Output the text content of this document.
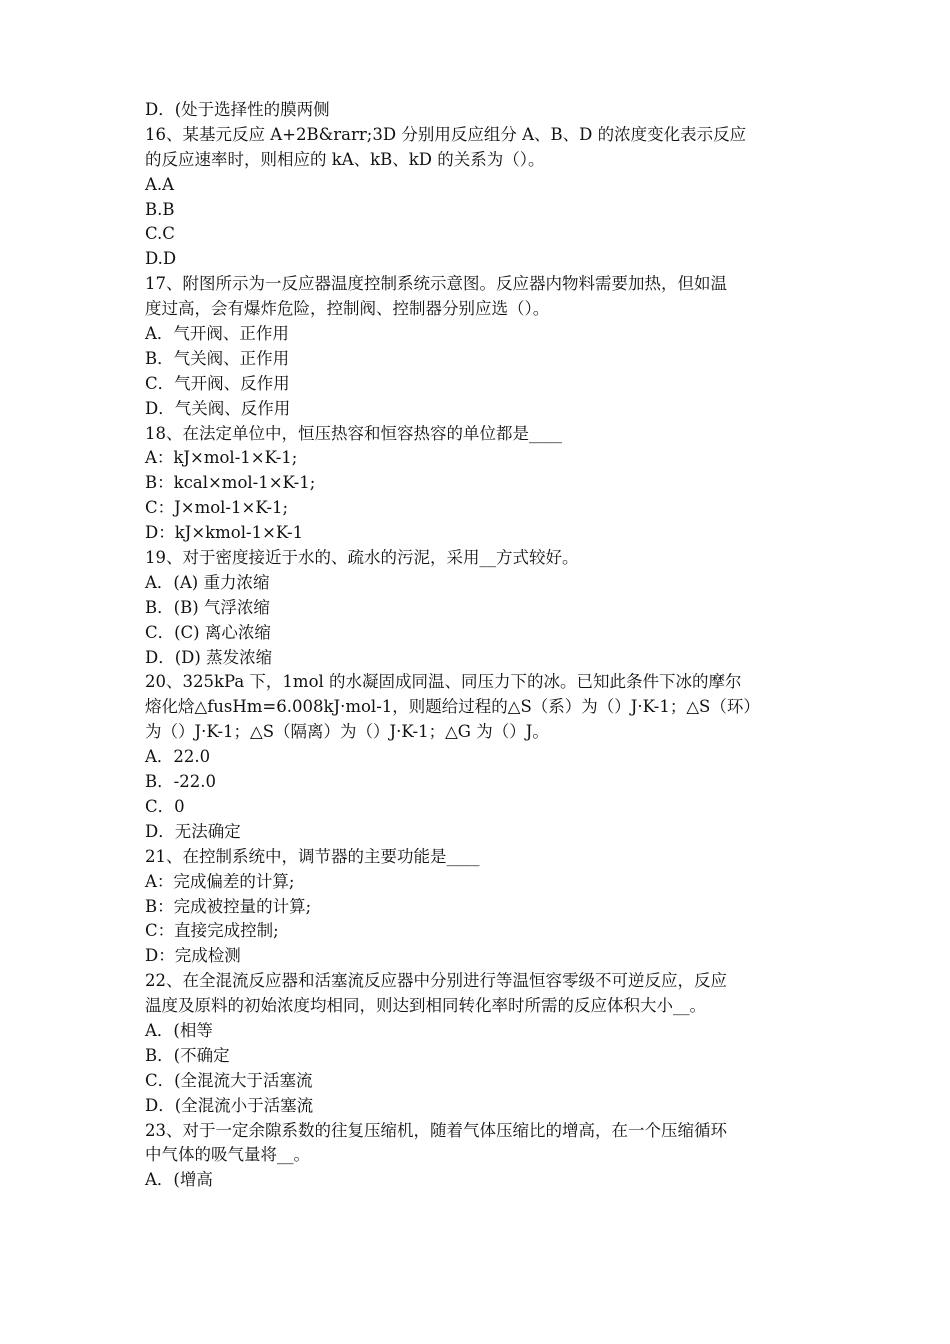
D．(处于选择性的膜两侧
16、某基元反应 A+2B&rarr;3D 分别用反应组分 A、B、D 的浓度变化表示反应
的反应速率时，则相应的 kA、kB、kD 的关系为（）。
A.A
B.B
C.C
D.D
17、附图所示为一反应器温度控制系统示意图。反应器内物料需要加热，但如温
度过高，会有爆炸危险，控制阀、控制器分别应选（）。
A．气开阀、正作用
B．气关阀、正作用
C．气开阀、反作用
D．气关阀、反作用
18、在法定单位中，恒压热容和恒容热容的单位都是____
A：kJ×mol-1×K-1;
B：kcal×mol-1×K-1;
C：J×mol-1×K-1;
D：kJ×kmol-1×K-1
19、对于密度接近于水的、疏水的污泥，采用__方式较好。
A．(A) 重力浓缩
B．(B) 气浮浓缩
C．(C) 离心浓缩
D．(D) 蒸发浓缩
20、325kPa 下，1mol 的水凝固成同温、同压力下的冰。已知此条件下冰的摩尔
熔化焓△fusHm=6.008kJ·mol-1，则题给过程的△S（系）为（）J·K-1；△S（环）
为（）J·K-1；△S（隔离）为（）J·K-1；△G 为（）J。
A．22.0
B．-22.0
C．0
D．无法确定
21、在控制系统中，调节器的主要功能是____
A：完成偏差的计算;
B：完成被控量的计算;
C：直接完成控制;
D：完成检测
22、在全混流反应器和活塞流反应器中分别进行等温恒容零级不可逆反应，反应
温度及原料的初始浓度均相同，则达到相同转化率时所需的反应体积大小__。
A．(相等
B．(不确定
C．(全混流大于活塞流
D．(全混流小于活塞流
23、对于一定余隙系数的往复压缩机，随着气体压缩比的增高，在一个压缩循环
中气体的吸气量将__。
A．(增高
